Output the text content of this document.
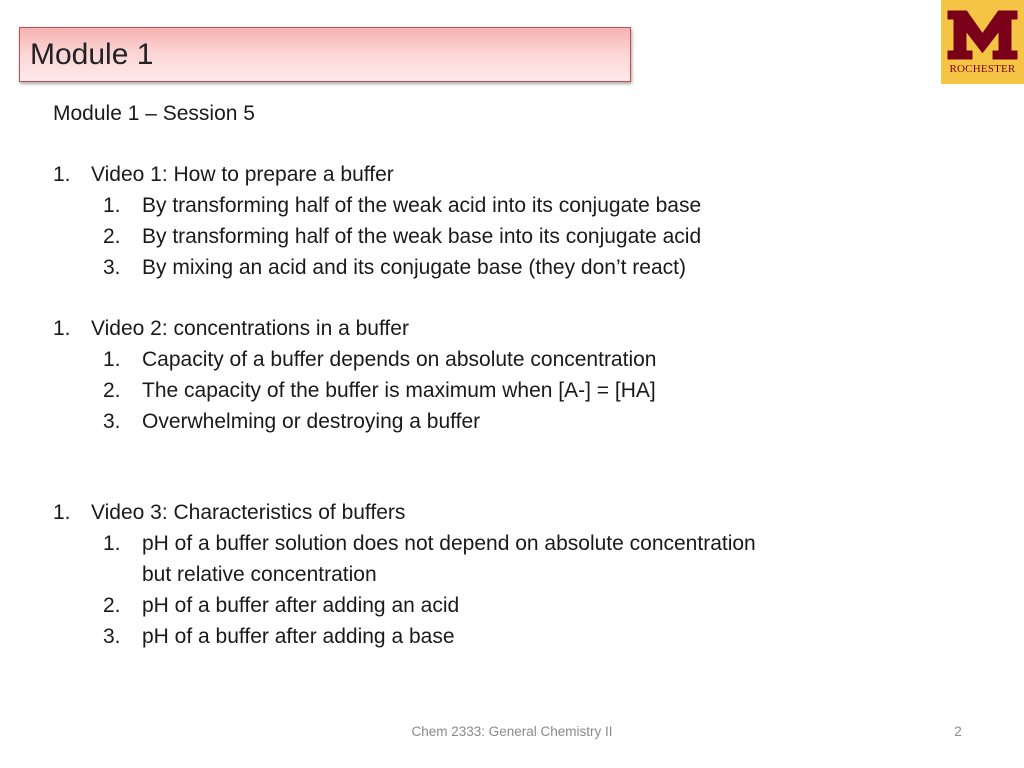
Module 1	ROCHESTER
Module 1 – Session 5
1. Video 1: How to prepare a buffer
1. By transforming half of the weak acid into its conjugate base
2. By transforming half of the weak base into its conjugate acid
3. By mixing an acid and its conjugate base (they don’t react)
1. Video 2: concentrations in a buffer
1. Capacity of a buffer depends on absolute concentration
2. The capacity of the buffer is maximum when [A-] = [HA]
3. Overwhelming or destroying a buffer
1. Video 3: Characteristics of buffers
1. pH of a buffer solution does not depend on absolute concentration
but relative concentration
2. pH of a buffer after adding an acid
3. pH of a buffer after adding a base
Chem 2333: General Chemistry II	2
